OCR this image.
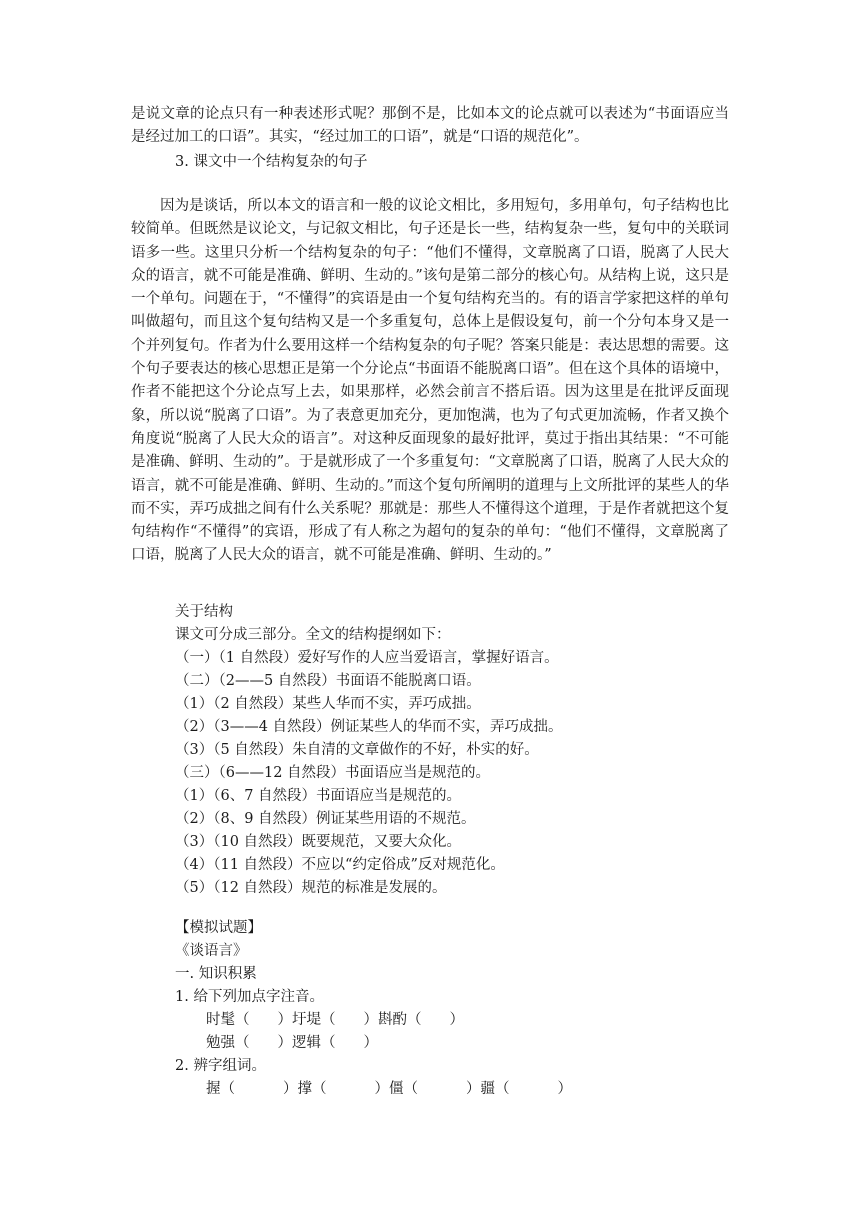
是说文章的论点只有一种表述形式呢？那倒不是，比如本文的论点就可以表述为“书面语应当是经过加工的口语”。其实，“经过加工的口语”，就是“口语的规范化”。

3. 课文中一个结构复杂的句子

因为是谈话，所以本文的语言和一般的议论文相比，多用短句，多用单句，句子结构也比较简单。但既然是议论文，与记叙文相比，句子还是长一些，结构复杂一些，复句中的关联词语多一些。这里只分析一个结构复杂的句子：“他们不懂得，文章脱离了口语，脱离了人民大众的语言，就不可能是准确、鲜明、生动的。”该句是第二部分的核心句。从结构上说，这只是一个单句。问题在于，“不懂得”的宾语是由一个复句结构充当的。有的语言学家把这样的单句叫做超句，而且这个复句结构又是一个多重复句，总体上是假设复句，前一个分句本身又是一个并列复句。作者为什么要用这样一个结构复杂的句子呢？答案只能是：表达思想的需要。这个句子要表达的核心思想正是第一个分论点“书面语不能脱离口语”。但在这个具体的语境中，作者不能把这个分论点写上去，如果那样，必然会前言不搭后语。因为这里是在批评反面现象，所以说“脱离了口语”。为了表意更加充分，更加饱满，也为了句式更加流畅，作者又换个角度说“脱离了人民大众的语言”。对这种反面现象的最好批评，莫过于指出其结果：“不可能是准确、鲜明、生动的”。于是就形成了一个多重复句：“文章脱离了口语，脱离了人民大众的语言，就不可能是准确、鲜明、生动的。”而这个复句所阐明的道理与上文所批评的某些人的华而不实，弄巧成拙之间有什么关系呢？那就是：那些人不懂得这个道理，于是作者就把这个复句结构作“不懂得”的宾语，形成了有人称之为超句的复杂的单句：“他们不懂得，文章脱离了口语，脱离了人民大众的语言，就不可能是准确、鲜明、生动的。”

关于结构

课文可分成三部分。全文的结构提纲如下：

（一）（1 自然段）爱好写作的人应当爱语言，掌握好语言。

（二）（2——5 自然段）书面语不能脱离口语。

（1）（2 自然段）某些人华而不实，弄巧成拙。

（2）（3——4 自然段）例证某些人的华而不实，弄巧成拙。

（3）（5 自然段）朱自清的文章做作的不好，朴实的好。

（三）（6——12 自然段）书面语应当是规范的。

（1）（6、7 自然段）书面语应当是规范的。

（2）（8、9 自然段）例证某些用语的不规范。

（3）（10 自然段）既要规范，又要大众化。

（4）（11 自然段）不应以“约定俗成”反对规范化。

（5）（12 自然段）规范的标准是发展的。

【模拟试题】

《谈语言》

一. 知识积累

1. 给下列加点字注音。

时髦（ ）圩堤（ ）斟酌（ ）

勉强（ ）逻辑（ ）

2. 辨字组词。

握（	）撑（	）僵（	）疆（	）
